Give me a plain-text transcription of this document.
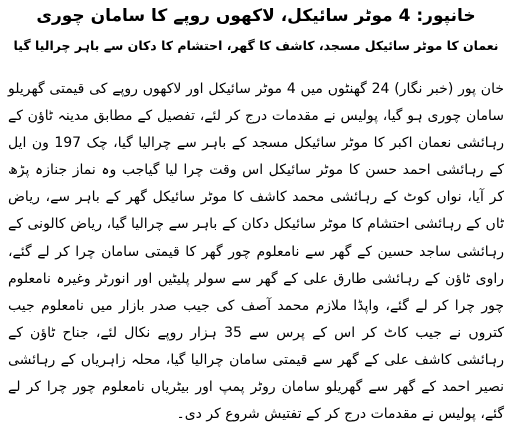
خانپور: 4 موٹر سائیکل، لاکھوں روپے کا سامان چوری
نعمان کا موٹر سائیکل مسجد، کاشف کا گھر، احتشام کا دکان سے باہر چرالیا گیا

خان پور (خبر نگار) 24 گھنٹوں میں 4 موٹر سائیکل اور لاکھوں روپے کی قیمتی گھریلو سامان چوری ہو گیا، پولیس نے مقدمات درج کر لئے، تفصیل کے مطابق مدینہ ٹاؤن کے رہائشی نعمان اکبر کا موٹر سائیکل مسجد کے باہر سے چرالیا گیا، چک 197 ون ایل کے رہائشی احمد حسن کا موٹر سائیکل اس وقت چرا لیا گیاجب وہ نماز جنازہ پڑھ کر آیا، نواں کوٹ کے رہائشی محمد کاشف کا موٹر سائیکل گھر کے باہر سے، ریاض ٹاں کے رہائشی احتشام کا موٹر سائیکل دکان کے باہر سے چرالیا گیا، ریاض کالونی کے رہائشی ساجد حسین کے گھر سے نامعلوم چور گھر کا قیمتی سامان چرا کر لے گئے، راوی ٹاؤن کے رہائشی طارق علی کے گھر سے سولر پلیٹیں اور انورٹر وغیرہ نامعلوم چور چرا کر لے گئے، واپڈا ملازم محمد آصف کی جیب صدر بازار میں نامعلوم جیب کتروں نے جیب کاٹ کر اس کے پرس سے 35 ہزار روپے نکال لئے، جناح ٹاؤن کے رہائشی کاشف علی کے گھر سے قیمتی سامان چرالیا گیا، محلہ زاہریاں کے رہائشی نصیر احمد کے گھر سے گھریلو سامان روٹر پمپ اور بیٹریاں نامعلوم چور چرا کر لے گئے، پولیس نے مقدمات درج کر کے تفتیش شروع کر دی۔
